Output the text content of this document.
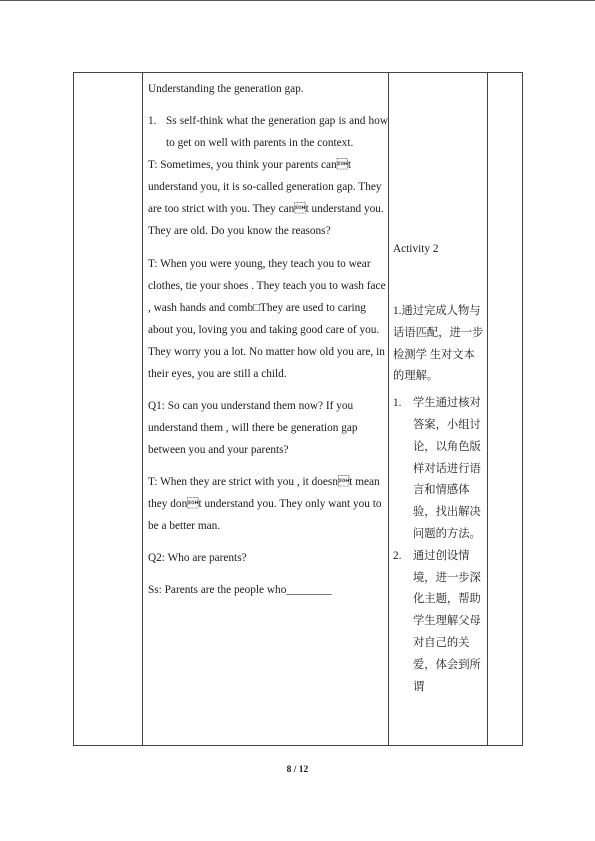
Understanding the generation gap.

1. Ss self-think what the generation gap is and how to get on well with parents in the context.

T: Sometimes, you think your parents cant understand you, it is so-called generation gap. They are too strict with you. They cant understand you. They are old. Do you know the reasons?

T: When you were young, they teach you to wear clothes, tie your shoes . They teach you to wash face , wash hands and comb□They are used to caring about you, loving you and taking good care of you. They worry you a lot. No matter how old you are, in their eyes, you are still a child.

Q1: So can you understand them now? If you understand them , will there be generation gap between you and your parents?

T: When they are strict with you , it doesnt mean they dont understand you. They only want you to be a better man.

Q2: Who are parents?

Ss: Parents are the people who________

Activity 2

1.通过完成人物与话语匹配，进一步检测学 生对文本的理解。

1.	学生通过核对答案，小组讨论，以角色版样对话进行语言和情感体验，找出解决问题的方法。
2.	通过创设情境，进一步深化主题，帮助学生理解父母对自己的关爱，体会到所谓
8 / 12
